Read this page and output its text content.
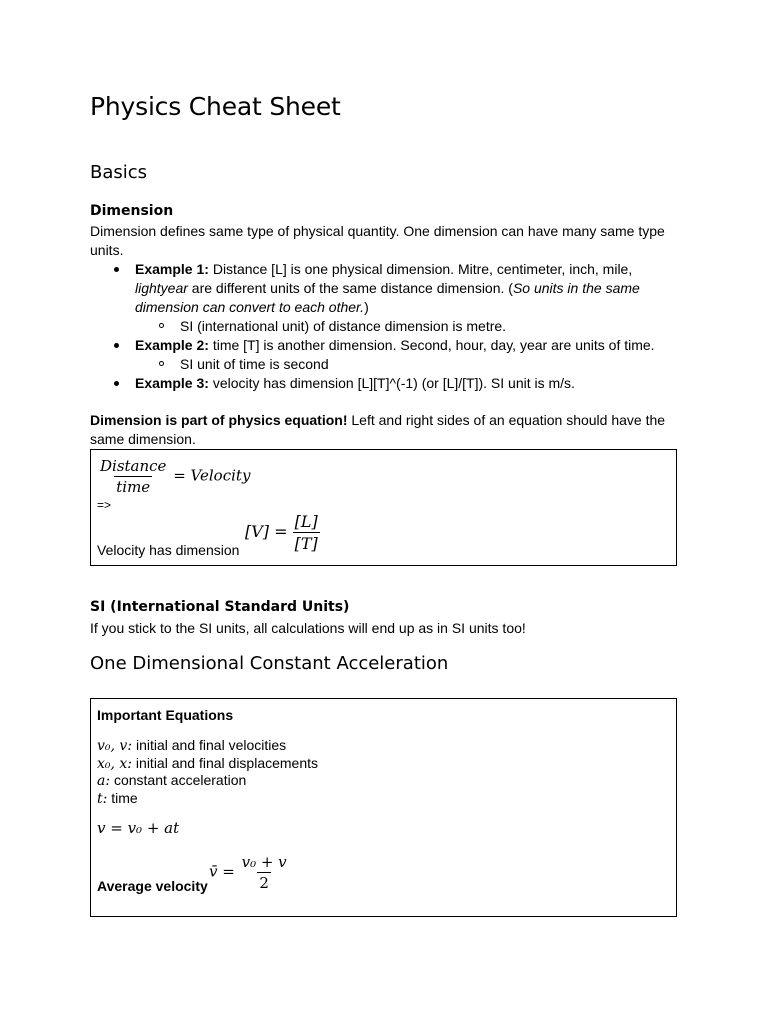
Physics Cheat Sheet
Basics
Dimension
Dimension defines same type of physical quantity. One dimension can have many same type units.
Example 1: Distance [L] is one physical dimension. Mitre, centimeter, inch, mile, lightyear are different units of the same distance dimension. (So units in the same dimension can convert to each other.)
SI (international unit) of distance dimension is metre.
Example 2: time [T] is another dimension. Second, hour, day, year are units of time.
SI unit of time is second
Example 3: velocity has dimension [L][T]^(-1) (or [L]/[T]). SI unit is m/s.
Dimension is part of physics equation! Left and right sides of an equation should have the same dimension.
$\frac{\text{Distance}}{\text{time}}$ = Velocity
=>
Velocity has dimension
$[V] = \frac{[L]}{[T]}$
SI (International Standard Units)
If you stick to the SI units, all calculations will end up as in SI units too!
One Dimensional Constant Acceleration
Important Equations
v₀, v: initial and final velocities
x₀, x: initial and final displacements
a: constant acceleration
t: time
v = v₀ + at
Average velocity
v̄ = $\frac{\text{v₀ + v}}{2}$
